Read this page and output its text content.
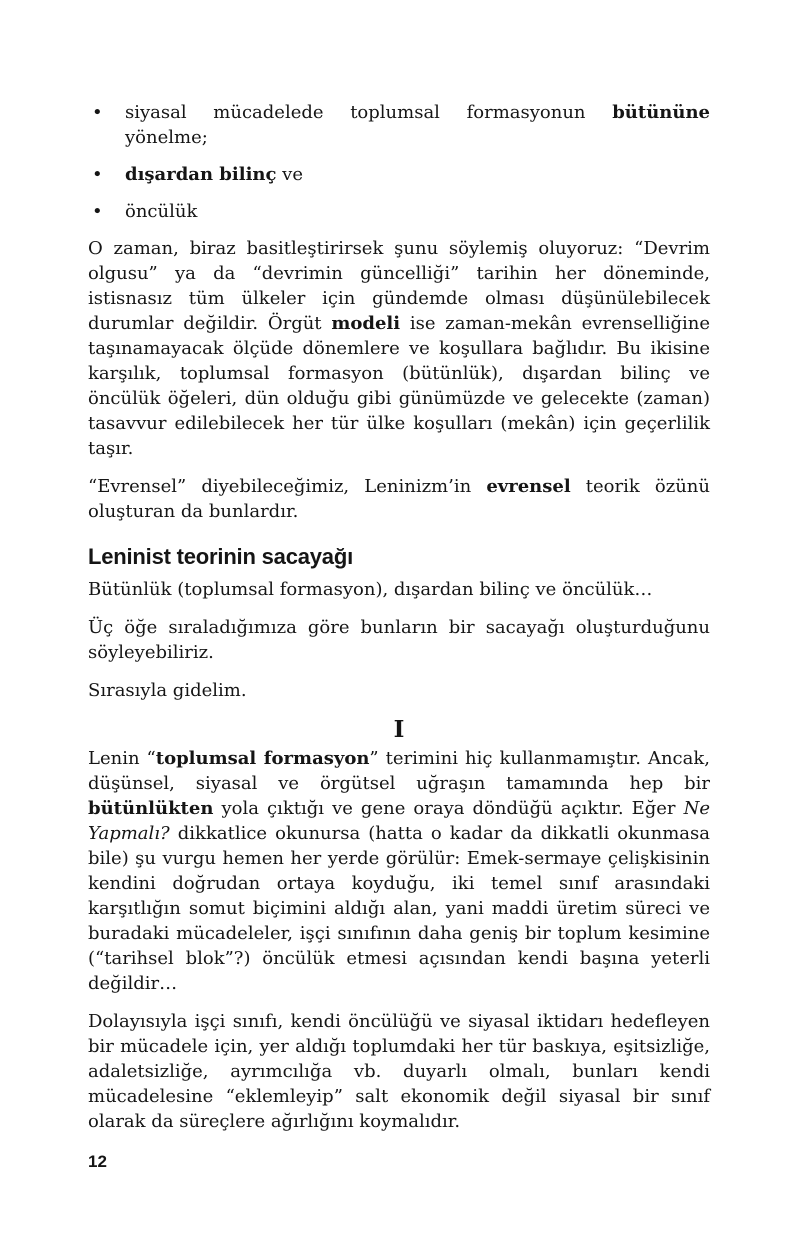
•	siyasal mücadelede toplumsal formasyonun bütününe yönelme;
•	dışardan bilinç ve
•	öncülük

O zaman, biraz basitleştirirsek şunu söylemiş oluyoruz: “Devrim olgusu” ya da “devrimin güncelliği” tarihin her döneminde, istisnasız tüm ülkeler için gündemde olması düşünülebilecek durumlar değildir. Örgüt modeli ise zaman-mekân evrenselliğine taşınamayacak ölçüde dönemlere ve koşullara bağlıdır. Bu ikisine karşılık, toplumsal formasyon (bütünlük), dışardan bilinç ve öncülük öğeleri, dün olduğu gibi günümüzde ve gelecekte (zaman) tasavvur edilebilecek her tür ülke koşulları (mekân) için geçerlilik taşır.

“Evrensel” diyebileceğimiz, Leninizm’in evrensel teorik özünü oluşturan da bunlardır.

Leninist teorinin sacayağı

Bütünlük (toplumsal formasyon), dışardan bilinç ve öncülük…

Üç öğe sıraladığımıza göre bunların bir sacayağı oluşturduğunu söyleyebiliriz.

Sırasıyla gidelim.

I

Lenin “toplumsal formasyon” terimini hiç kullanmamıştır. Ancak, düşünsel, siyasal ve örgütsel uğraşın tamamında hep bir bütünlükten yola çıktığı ve gene oraya döndüğü açıktır. Eğer Ne Yapmalı? dikkatlice okunursa (hatta o kadar da dikkatli okunmasa bile) şu vurgu hemen her yerde görülür: Emek-sermaye çelişkisinin kendini doğrudan ortaya koyduğu, iki temel sınıf arasındaki karşıtlığın somut biçimini aldığı alan, yani maddi üretim süreci ve buradaki mücadeleler, işçi sınıfının daha geniş bir toplum kesimine (“tarihsel blok”?) öncülük etmesi açısından kendi başına yeterli değildir…

Dolayısıyla işçi sınıfı, kendi öncülüğü ve siyasal iktidarı hedefleyen bir mücadele için, yer aldığı toplumdaki her tür baskıya, eşitsizliğe, adaletsizliğe, ayrımcılığa vb. duyarlı olmalı, bunları kendi mücadelesine “eklemleyip” salt ekonomik değil siyasal bir sınıf olarak da süreçlere ağırlığını koymalıdır.

12
